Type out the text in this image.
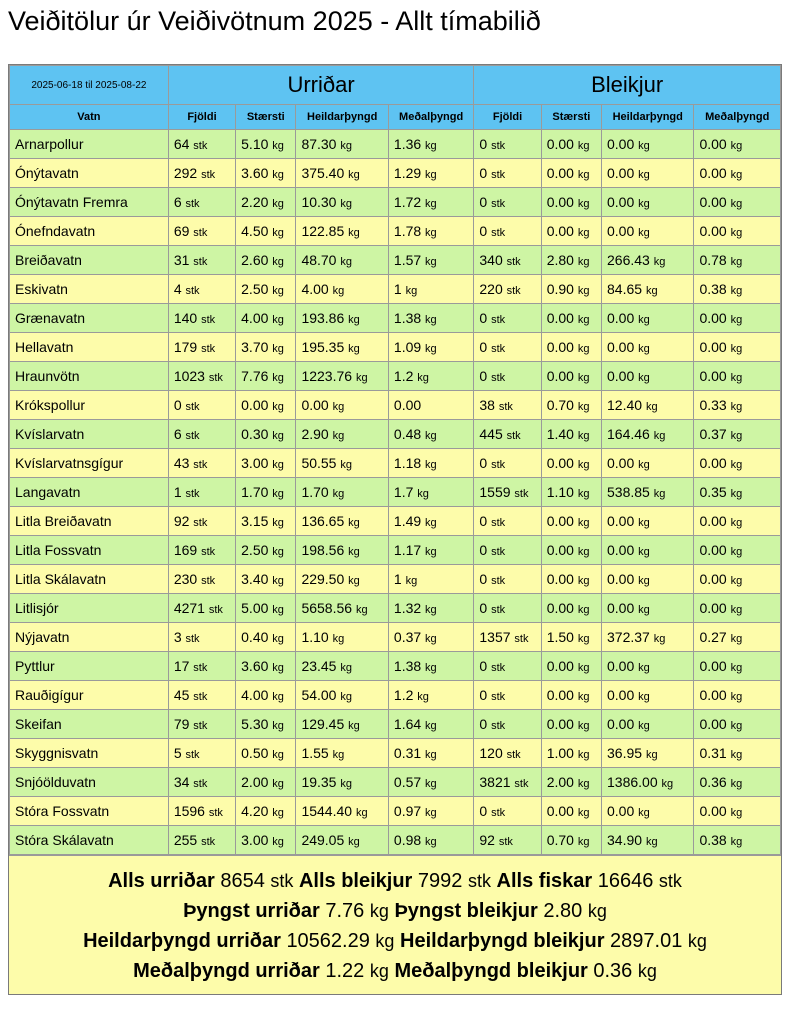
Veiðitölur úr Veiðivötnum 2025 - Allt tímabilið
2025-06-18 til 2025-08-22	Urriðar				Bleikjur			
Vatn	Fjöldi	Stærsti	Heildarþyngd	Meðalþyngd	Fjöldi	Stærsti	Heildarþyngd	Meðalþyngd
Arnarpollur	64 stk	5.10 kg	87.30 kg	1.36 kg	0 stk	0.00 kg	0.00 kg	0.00 kg
Ónýtavatn	292 stk	3.60 kg	375.40 kg	1.29 kg	0 stk	0.00 kg	0.00 kg	0.00 kg
Ónýtavatn Fremra	6 stk	2.20 kg	10.30 kg	1.72 kg	0 stk	0.00 kg	0.00 kg	0.00 kg
Ónefndavatn	69 stk	4.50 kg	122.85 kg	1.78 kg	0 stk	0.00 kg	0.00 kg	0.00 kg
Breiðavatn	31 stk	2.60 kg	48.70 kg	1.57 kg	340 stk	2.80 kg	266.43 kg	0.78 kg
Eskivatn	4 stk	2.50 kg	4.00 kg	1 kg	220 stk	0.90 kg	84.65 kg	0.38 kg
Grænavatn	140 stk	4.00 kg	193.86 kg	1.38 kg	0 stk	0.00 kg	0.00 kg	0.00 kg
Hellavatn	179 stk	3.70 kg	195.35 kg	1.09 kg	0 stk	0.00 kg	0.00 kg	0.00 kg
Hraunvötn	1023 stk	7.76 kg	1223.76 kg	1.2 kg	0 stk	0.00 kg	0.00 kg	0.00 kg
Krókspollur	0 stk	0.00 kg	0.00 kg	0.00	38 stk	0.70 kg	12.40 kg	0.33 kg
Kvíslarvatn	6 stk	0.30 kg	2.90 kg	0.48 kg	445 stk	1.40 kg	164.46 kg	0.37 kg
Kvíslarvatnsgígur	43 stk	3.00 kg	50.55 kg	1.18 kg	0 stk	0.00 kg	0.00 kg	0.00 kg
Langavatn	1 stk	1.70 kg	1.70 kg	1.7 kg	1559 stk	1.10 kg	538.85 kg	0.35 kg
Litla Breiðavatn	92 stk	3.15 kg	136.65 kg	1.49 kg	0 stk	0.00 kg	0.00 kg	0.00 kg
Litla Fossvatn	169 stk	2.50 kg	198.56 kg	1.17 kg	0 stk	0.00 kg	0.00 kg	0.00 kg
Litla Skálavatn	230 stk	3.40 kg	229.50 kg	1 kg	0 stk	0.00 kg	0.00 kg	0.00 kg
Litlisjór	4271 stk	5.00 kg	5658.56 kg	1.32 kg	0 stk	0.00 kg	0.00 kg	0.00 kg
Nýjavatn	3 stk	0.40 kg	1.10 kg	0.37 kg	1357 stk	1.50 kg	372.37 kg	0.27 kg
Pyttlur	17 stk	3.60 kg	23.45 kg	1.38 kg	0 stk	0.00 kg	0.00 kg	0.00 kg
Rauðigígur	45 stk	4.00 kg	54.00 kg	1.2 kg	0 stk	0.00 kg	0.00 kg	0.00 kg
Skeifan	79 stk	5.30 kg	129.45 kg	1.64 kg	0 stk	0.00 kg	0.00 kg	0.00 kg
Skyggnisvatn	5 stk	0.50 kg	1.55 kg	0.31 kg	120 stk	1.00 kg	36.95 kg	0.31 kg
Snjóölduvatn	34 stk	2.00 kg	19.35 kg	0.57 kg	3821 stk	2.00 kg	1386.00 kg	0.36 kg
Stóra Fossvatn	1596 stk	4.20 kg	1544.40 kg	0.97 kg	0 stk	0.00 kg	0.00 kg	0.00 kg
Stóra Skálavatn	255 stk	3.00 kg	249.05 kg	0.98 kg	92 stk	0.70 kg	34.90 kg	0.38 kg
Alls urriðar 8654 stk Alls bleikjur 7992 stk Alls fiskar 16646 stk
Þyngst urriðar 7.76 kg Þyngst bleikjur 2.80 kg
Heildarþyngd urriðar 10562.29 kg Heildarþyngd bleikjur 2897.01 kg
Meðalþyngd urriðar 1.22 kg Meðalþyngd bleikjur 0.36 kg
